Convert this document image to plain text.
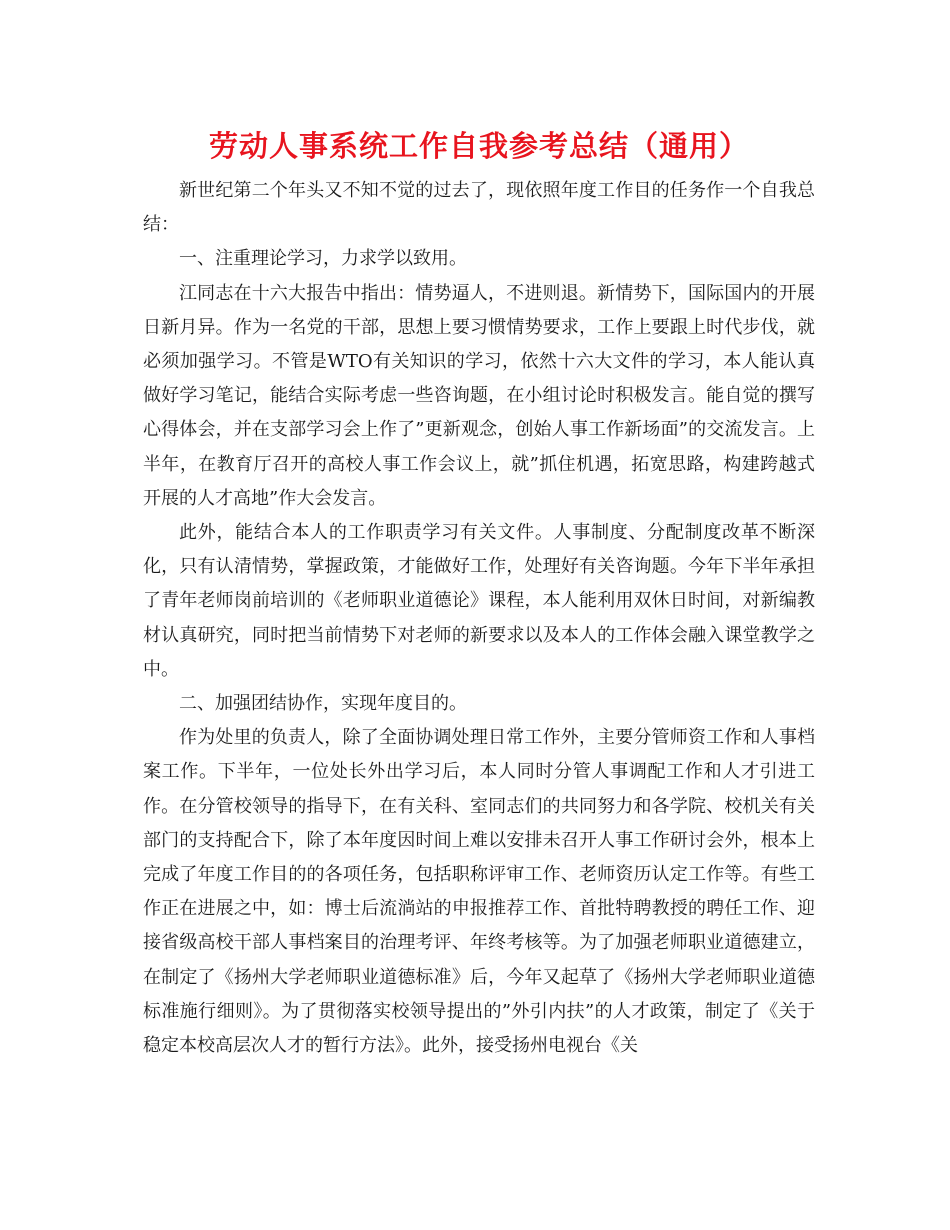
劳动人事系统工作自我参考总结（通用）

新世纪第二个年头又不知不觉的过去了，现依照年度工作目的任务作一个自我总结：

一、注重理论学习，力求学以致用。

江同志在十六大报告中指出：情势逼人，不进则退。新情势下，国际国内的开展日新月异。作为一名党的干部，思想上要习惯情势要求，工作上要跟上时代步伐，就必须加强学习。不管是WTO有关知识的学习，依然十六大文件的学习，本人能认真做好学习笔记，能结合实际考虑一些咨询题，在小组讨论时积极发言。能自觉的撰写心得体会，并在支部学习会上作了”更新观念，创始人事工作新场面”的交流发言。上半年，在教育厅召开的高校人事工作会议上，就”抓住机遇，拓宽思路，构建跨越式开展的人才高地”作大会发言。

此外，能结合本人的工作职责学习有关文件。人事制度、分配制度改革不断深化，只有认清情势，掌握政策，才能做好工作，处理好有关咨询题。今年下半年承担了青年老师岗前培训的《老师职业道德论》课程，本人能利用双休日时间，对新编教材认真研究，同时把当前情势下对老师的新要求以及本人的工作体会融入课堂教学之中。

二、加强团结协作，实现年度目的。

作为处里的负责人，除了全面协调处理日常工作外，主要分管师资工作和人事档案工作。下半年，一位处长外出学习后，本人同时分管人事调配工作和人才引进工作。在分管校领导的指导下，在有关科、室同志们的共同努力和各学院、校机关有关部门的支持配合下，除了本年度因时间上难以安排未召开人事工作研讨会外，根本上完成了年度工作目的的各项任务，包括职称评审工作、老师资历认定工作等。有些工作正在进展之中，如：博士后流淌站的申报推荐工作、首批特聘教授的聘任工作、迎接省级高校干部人事档案目的治理考评、年终考核等。为了加强老师职业道德建立，在制定了《扬州大学老师职业道德标准》后，今年又起草了《扬州大学老师职业道德标准施行细则》。为了贯彻落实校领导提出的”外引内扶”的人才政策，制定了《关于稳定本校高层次人才的暂行方法》。此外，接受扬州电视台《关
